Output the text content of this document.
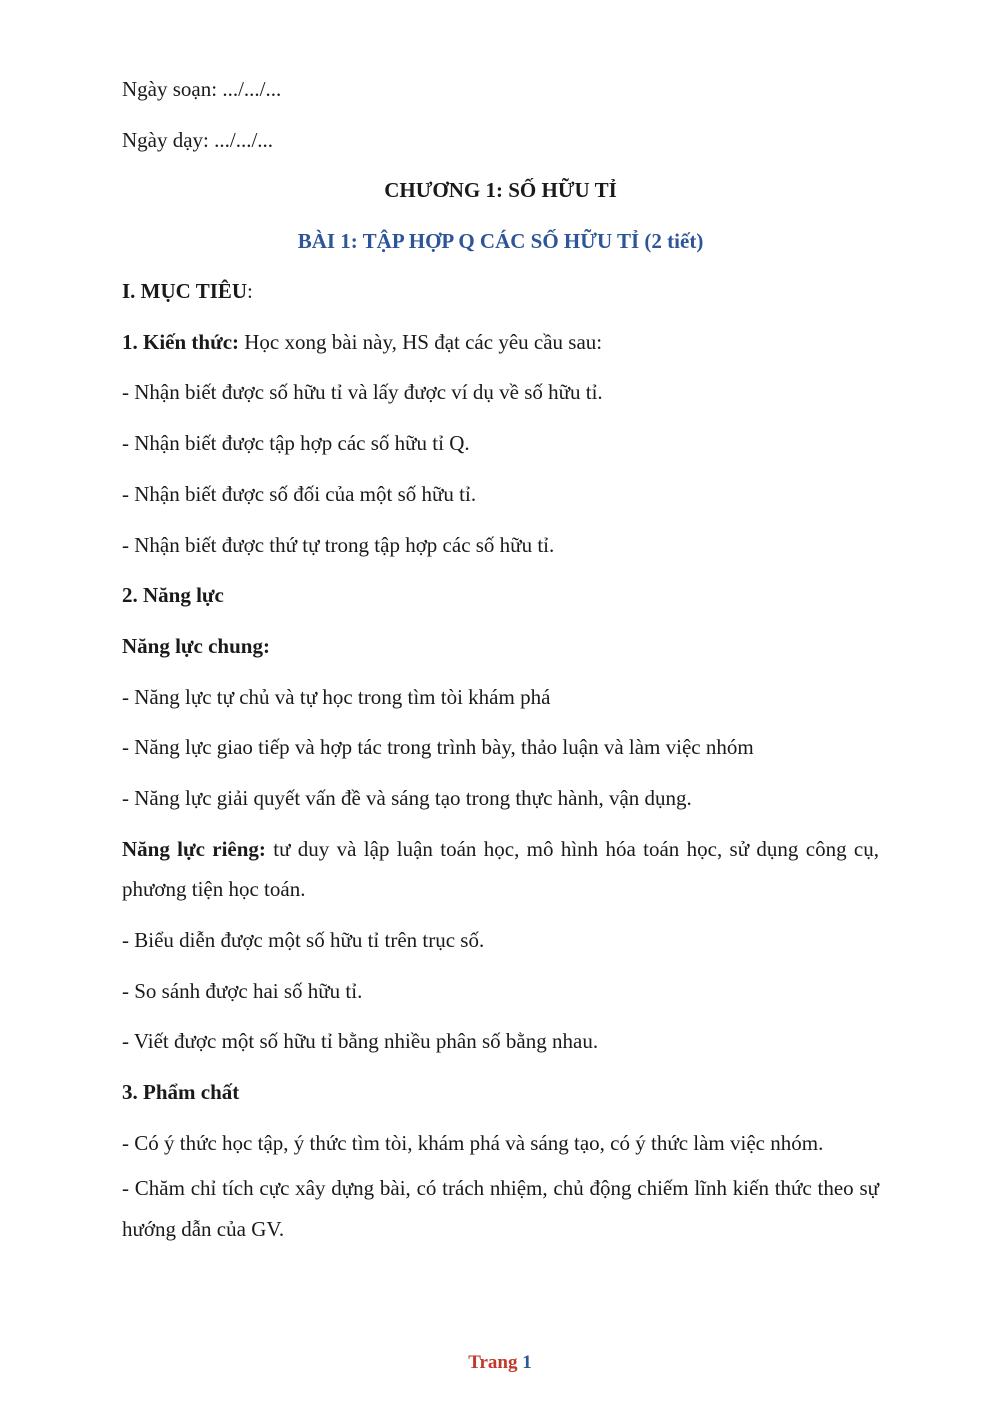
Ngày soạn: .../.../...

Ngày dạy: .../.../...

CHƯƠNG 1: SỐ HỮU TỈ

BÀI 1: TẬP HỢP Q CÁC SỐ HỮU TỈ (2 tiết)

I. MỤC TIÊU:

1. Kiến thức: Học xong bài này, HS đạt các yêu cầu sau:

- Nhận biết được số hữu tỉ và lấy được ví dụ về số hữu tỉ.

- Nhận biết được tập hợp các số hữu tỉ Q.

- Nhận biết được số đối của một số hữu tỉ.

- Nhận biết được thứ tự trong tập hợp các số hữu tỉ.

2. Năng lực

Năng lực chung:

- Năng lực tự chủ và tự học trong tìm tòi khám phá

- Năng lực giao tiếp và hợp tác trong trình bày, thảo luận và làm việc nhóm

- Năng lực giải quyết vấn đề và sáng tạo trong thực hành, vận dụng.

Năng lực riêng: tư duy và lập luận toán học, mô hình hóa toán học, sử dụng công cụ, phương tiện học toán.

- Biểu diễn được một số hữu tỉ trên trục số.

- So sánh được hai số hữu tỉ.

- Viết được một số hữu tỉ bằng nhiều phân số bằng nhau.

3. Phẩm chất

- Có ý thức học tập, ý thức tìm tòi, khám phá và sáng tạo, có ý thức làm việc nhóm.

- Chăm chỉ tích cực xây dựng bài, có trách nhiệm, chủ động chiếm lĩnh kiến thức theo sự hướng dẫn của GV.

Trang 1
